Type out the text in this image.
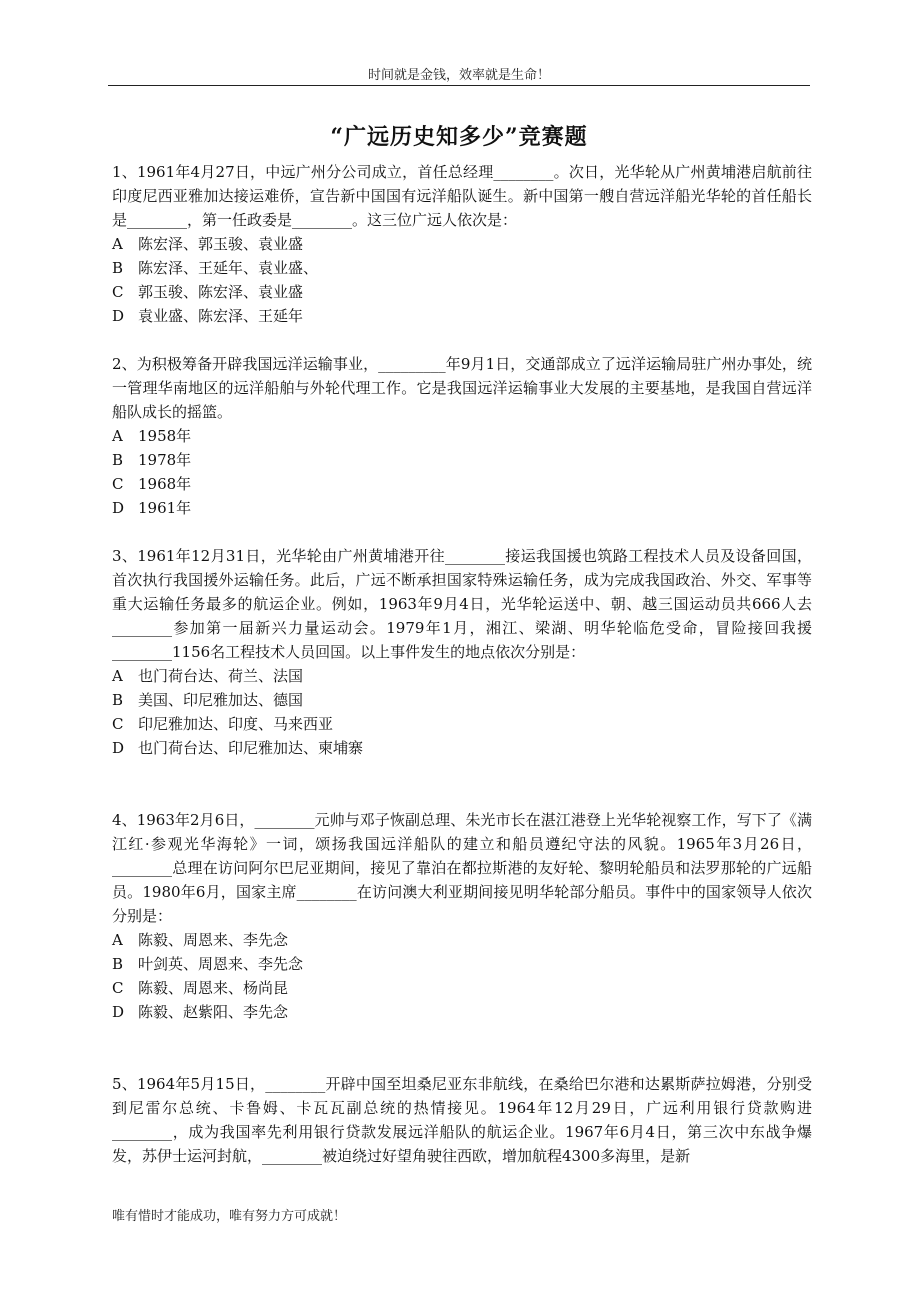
时间就是金钱，效率就是生命！
“广远历史知多少”竞赛题

1、1961年4月27日，中远广州分公司成立，首任总经理________。次日，光华轮从广州黄埔港启航前往印度尼西亚雅加达接运难侨，宣告新中国国有远洋船队诞生。新中国第一艘自营远洋船光华轮的首任船长是________，第一任政委是________。这三位广远人依次是：

A 陈宏泽、郭玉骏、袁业盛

B 陈宏泽、王延年、袁业盛、

C 郭玉骏、陈宏泽、袁业盛

D 袁业盛、陈宏泽、王延年

2、为积极筹备开辟我国远洋运输事业，_________年9月1日，交通部成立了远洋运输局驻广州办事处，统一管理华南地区的远洋船舶与外轮代理工作。它是我国远洋运输事业大发展的主要基地，是我国自营远洋船队成长的摇篮。

A 1958年

B 1978年

C 1968年

D 1961年

3、1961年12月31日，光华轮由广州黄埔港开往________接运我国援也筑路工程技术人员及设备回国，首次执行我国援外运输任务。此后，广远不断承担国家特殊运输任务，成为完成我国政治、外交、军事等重大运输任务最多的航运企业。例如，1963年9月4日，光华轮运送中、朝、越三国运动员共666人去________参加第一届新兴力量运动会。1979年1月，湘江、梁湖、明华轮临危受命，冒险接回我援________1156名工程技术人员回国。以上事件发生的地点依次分别是：

A 也门荷台达、荷兰、法国

B 美国、印尼雅加达、德国

C 印尼雅加达、印度、马来西亚

D 也门荷台达、印尼雅加达、柬埔寨

4、1963年2月6日，________元帅与邓子恢副总理、朱光市长在湛江港登上光华轮视察工作，写下了《满江红·参观光华海轮》一词，颂扬我国远洋船队的建立和船员遵纪守法的风貌。1965年3月26日，________总理在访问阿尔巴尼亚期间，接见了靠泊在都拉斯港的友好轮、黎明轮船员和法罗那轮的广远船员。1980年6月，国家主席________在访问澳大利亚期间接见明华轮部分船员。事件中的国家领导人依次分别是：

A 陈毅、周恩来、李先念

B 叶剑英、周恩来、李先念

C 陈毅、周恩来、杨尚昆

D 陈毅、赵紫阳、李先念

5、1964年5月15日，________开辟中国至坦桑尼亚东非航线，在桑给巴尔港和达累斯萨拉姆港，分别受到尼雷尔总统、卡鲁姆、卡瓦瓦副总统的热情接见。1964年12月29日，广远利用银行贷款购进________，成为我国率先利用银行贷款发展远洋船队的航运企业。1967年6月4日，第三次中东战争爆发，苏伊士运河封航，________被迫绕过好望角驶往西欧，增加航程4300多海里，是新

唯有惜时才能成功，唯有努力方可成就！
